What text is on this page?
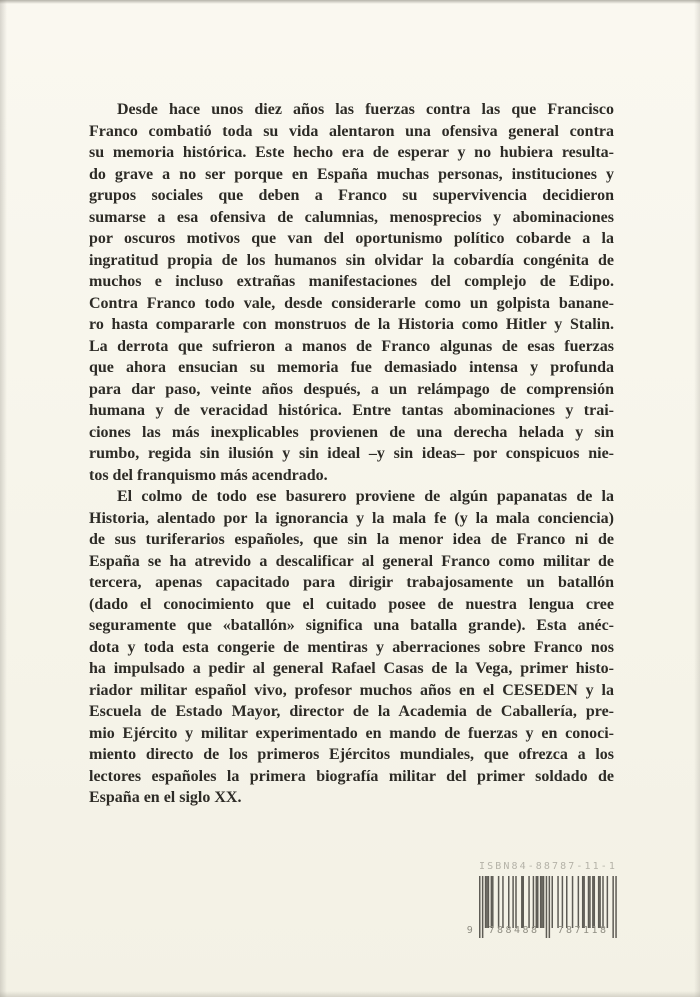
Desde hace unos diez años las fuerzas contra las que Francisco
Franco combatió toda su vida alentaron una ofensiva general contra
su memoria histórica. Este hecho era de esperar y no hubiera resulta-
do grave a no ser porque en España muchas personas, instituciones y
grupos sociales que deben a Franco su supervivencia decidieron
sumarse a esa ofensiva de calumnias, menosprecios y abominaciones
por oscuros motivos que van del oportunismo político cobarde a la
ingratitud propia de los humanos sin olvidar la cobardía congénita de
muchos e incluso extrañas manifestaciones del complejo de Edipo.
Contra Franco todo vale, desde considerarle como un golpista banane-
ro hasta compararle con monstruos de la Historia como Hitler y Stalin.
La derrota que sufrieron a manos de Franco algunas de esas fuerzas
que ahora ensucian su memoria fue demasiado intensa y profunda
para dar paso, veinte años después, a un relámpago de comprensión
humana y de veracidad histórica. Entre tantas abominaciones y trai-
ciones las más inexplicables provienen de una derecha helada y sin
rumbo, regida sin ilusión y sin ideal –y sin ideas– por conspicuos nie-
tos del franquismo más acendrado.
El colmo de todo ese basurero proviene de algún papanatas de la
Historia, alentado por la ignorancia y la mala fe (y la mala conciencia)
de sus turiferarios españoles, que sin la menor idea de Franco ni de
España se ha atrevido a descalificar al general Franco como militar de
tercera, apenas capacitado para dirigir trabajosamente un batallón
(dado el conocimiento que el cuitado posee de nuestra lengua cree
seguramente que «batallón» significa una batalla grande). Esta anéc-
dota y toda esta congerie de mentiras y aberraciones sobre Franco nos
ha impulsado a pedir al general Rafael Casas de la Vega, primer histo-
riador militar español vivo, profesor muchos años en el CESEDEN y la
Escuela de Estado Mayor, director de la Academia de Caballería, pre-
mio Ejército y militar experimentado en mando de fuerzas y en conoci-
miento directo de los primeros Ejércitos mundiales, que ofrezca a los
lectores españoles la primera biografía militar del primer soldado de
España en el siglo XX.
ISBN84-88787-11-1
9	788488	787118
